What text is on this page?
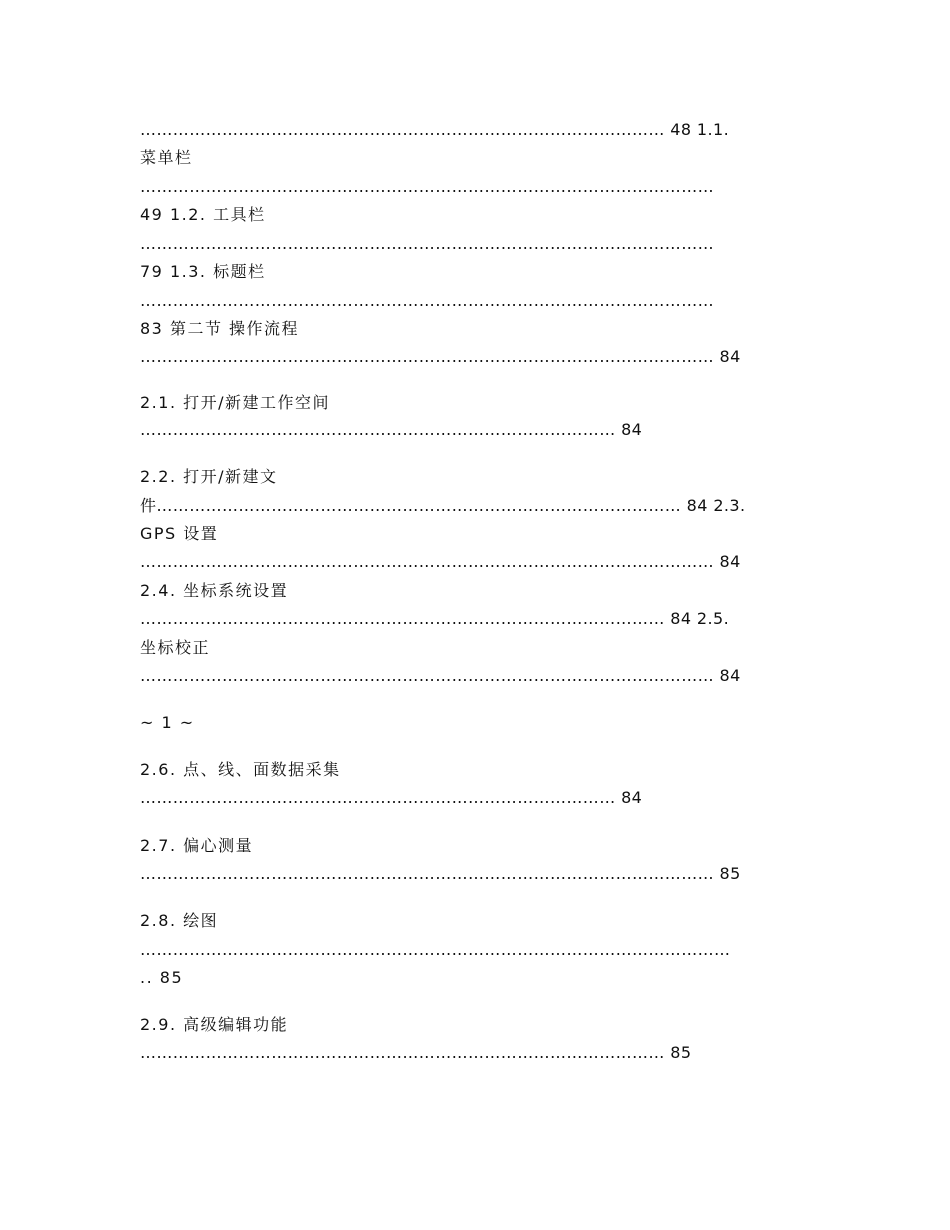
…………………………………………………………………………………… 48 1.1.
菜单栏
……………………………………………………………………………………………
49 1.2. 工具栏
……………………………………………………………………………………………
79 1.3. 标题栏
……………………………………………………………………………………………
83 第二节 操作流程
…………………………………………………………………………………………… 84
2.1. 打开/新建工作空间
…………………………………………………………………………… 84
2.2. 打开/新建文
件…………………………………………………………………………………… 84 2.3.
GPS 设置
…………………………………………………………………………………………… 84
2.4. 坐标系统设置
…………………………………………………………………………………… 84 2.5.
坐标校正
…………………………………………………………………………………………… 84
~ 1 ~
2.6. 点、线、面数据采集
…………………………………………………………………………… 84
2.7. 偏心测量
…………………………………………………………………………………………… 85
2.8. 绘图
………………………………………………………………………………………………
.. 85
2.9. 高级编辑功能
…………………………………………………………………………………… 85
